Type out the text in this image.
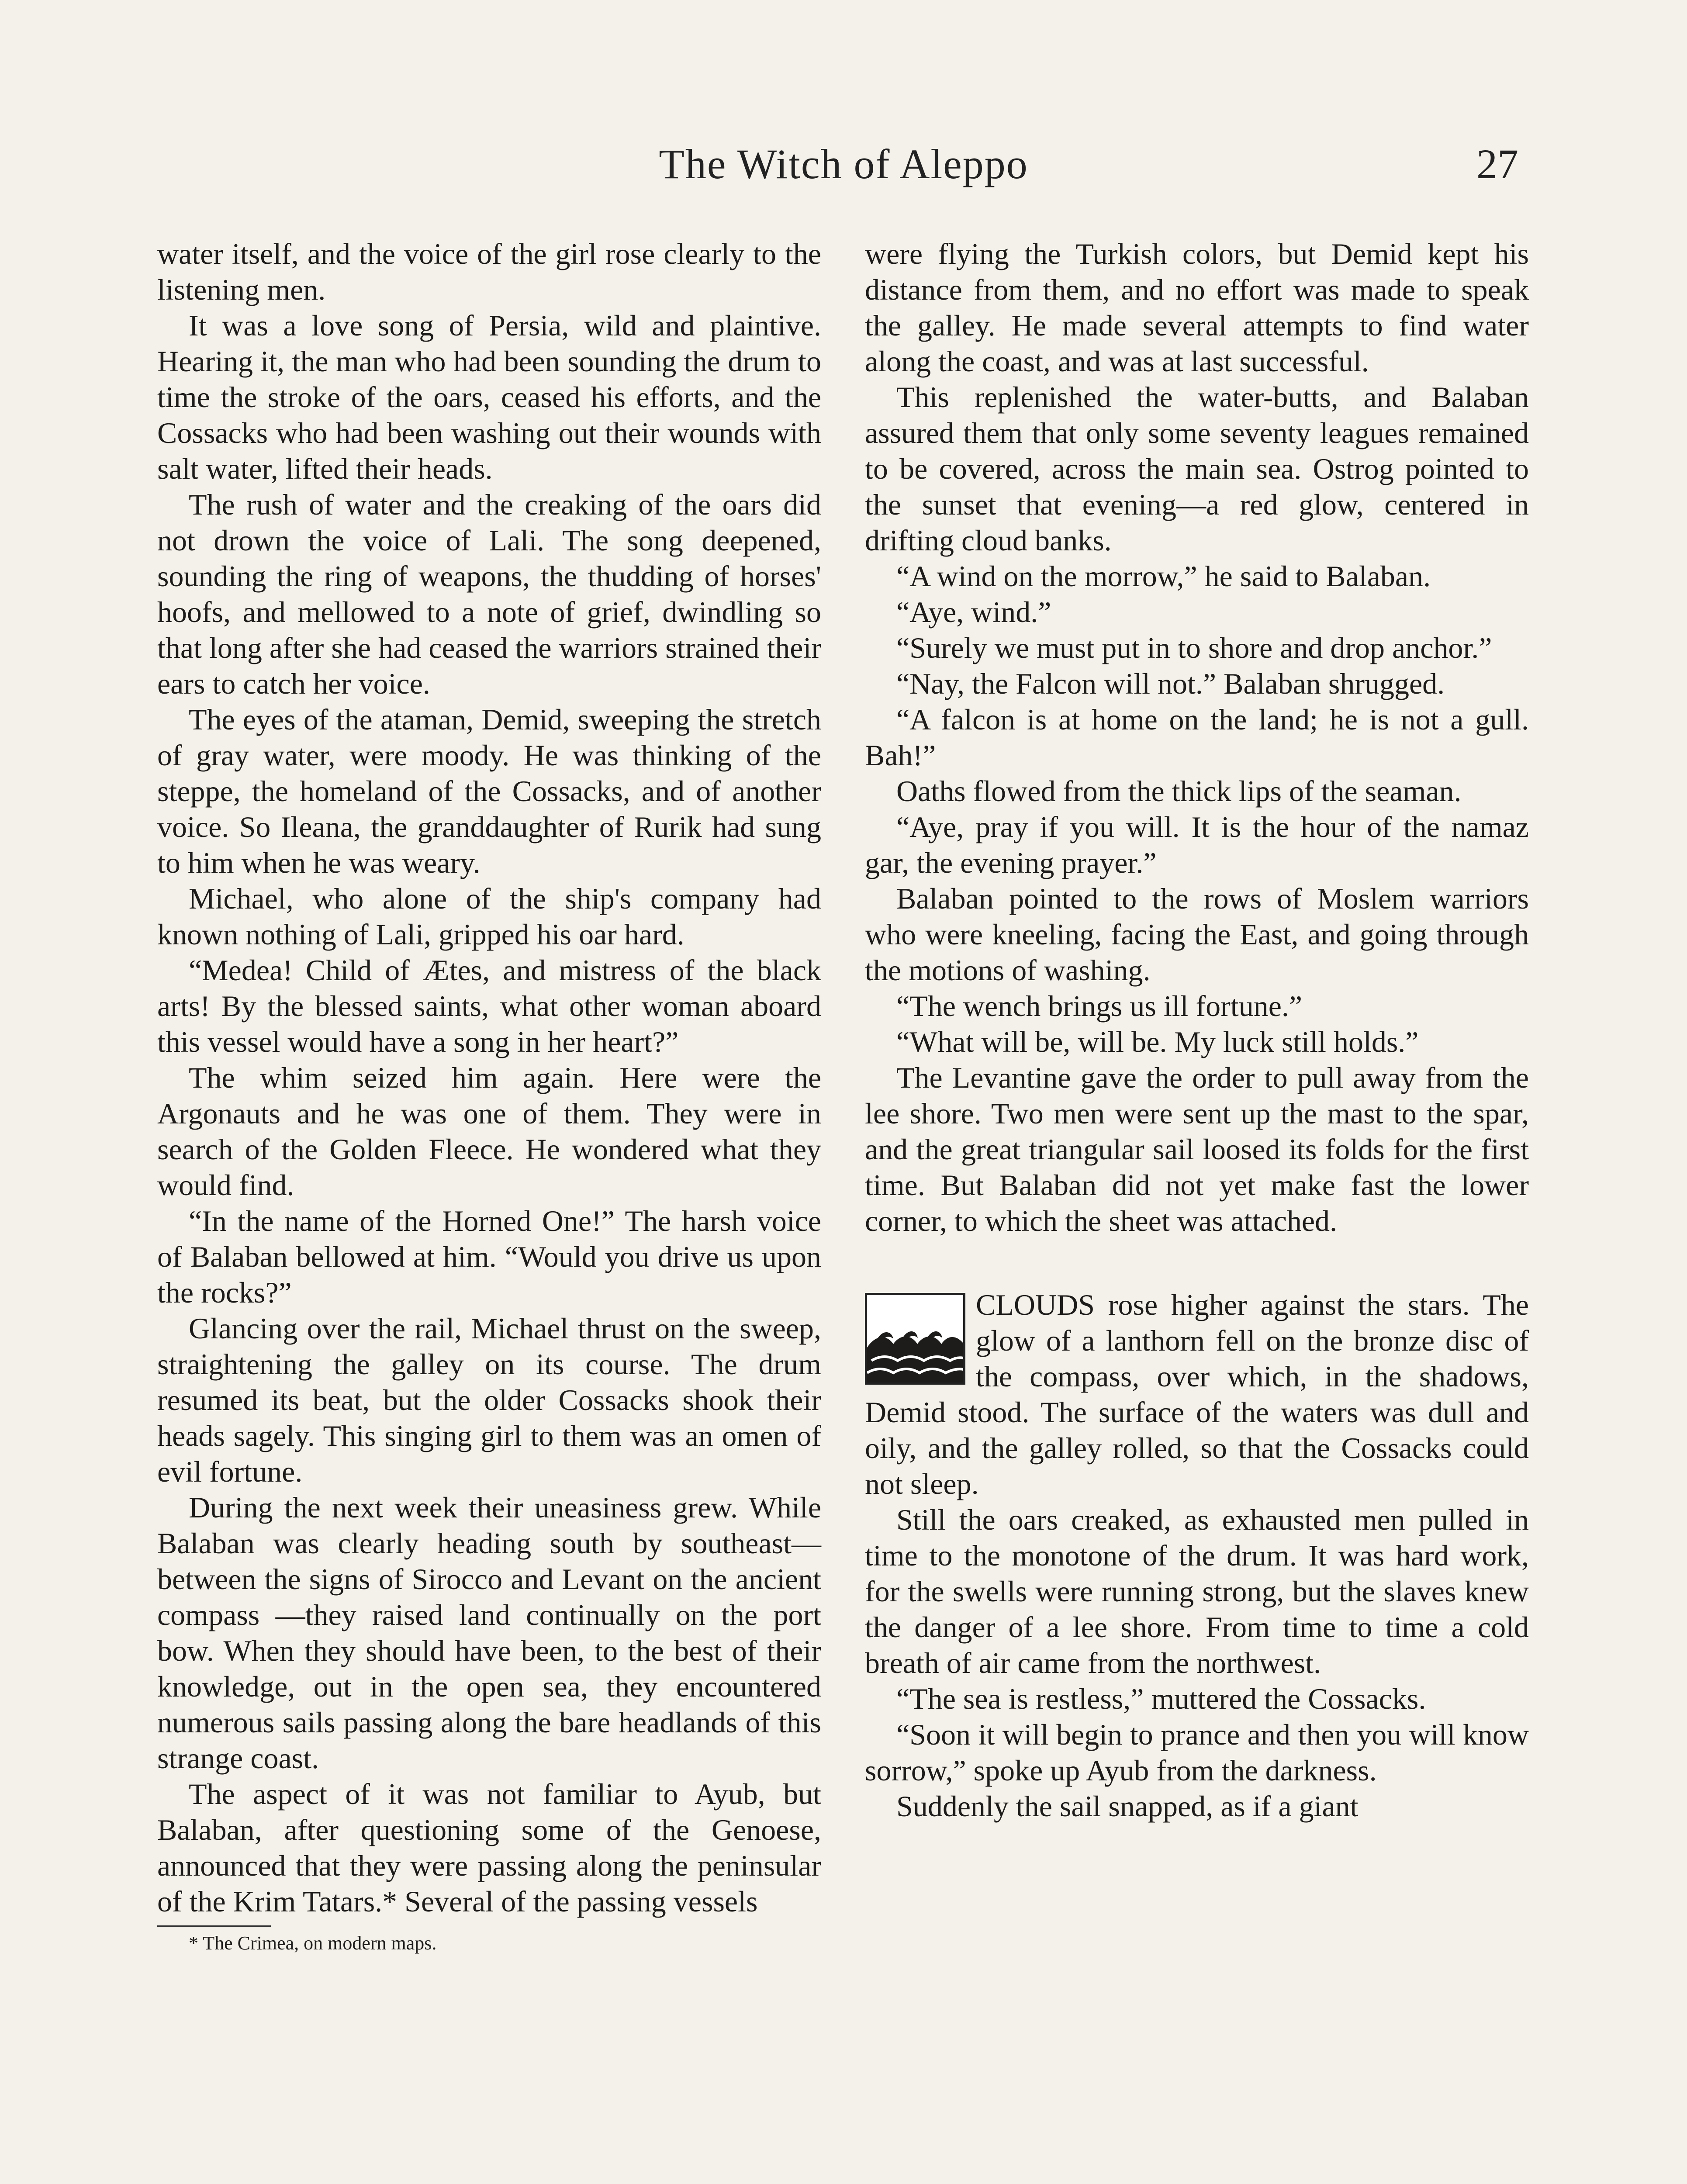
The Witch of Aleppo	27

water itself, and the voice of the girl rose clearly to the listening men.

It was a love song of Persia, wild and plaintive. Hearing it, the man who had been sounding the drum to time the stroke of the oars, ceased his efforts, and the Cossacks who had been washing out their wounds with salt water, lifted their heads.

The rush of water and the creaking of the oars did not drown the voice of Lali. The song deepened, sounding the ring of weapons, the thudding of horses' hoofs, and mellowed to a note of grief, dwindling so that long after she had ceased the warriors strained their ears to catch her voice.

The eyes of the ataman, Demid, sweeping the stretch of gray water, were moody. He was thinking of the steppe, the homeland of the Cossacks, and of another voice. So Ileana, the granddaughter of Rurik had sung to him when he was weary.

Michael, who alone of the ship's company had known nothing of Lali, gripped his oar hard.

“Medea! Child of Ætes, and mistress of the black arts! By the blessed saints, what other woman aboard this vessel would have a song in her heart?”

The whim seized him again. Here were the Argonauts and he was one of them. They were in search of the Golden Fleece. He wondered what they would find.

“In the name of the Horned One!” The harsh voice of Balaban bellowed at him. “Would you drive us upon the rocks?”

Glancing over the rail, Michael thrust on the sweep, straightening the galley on its course. The drum resumed its beat, but the older Cossacks shook their heads sagely. This singing girl to them was an omen of evil fortune.

During the next week their uneasiness grew. While Balaban was clearly heading south by southeast—between the signs of Sirocco and Levant on the ancient compass —they raised land continually on the port bow. When they should have been, to the best of their knowledge, out in the open sea, they encountered numerous sails passing along the bare headlands of this strange coast.

The aspect of it was not familiar to Ayub, but Balaban, after questioning some of the Genoese, announced that they were passing along the peninsular of the Krim Tatars.* Several of the passing vessels

* The Crimea, on modern maps.

were flying the Turkish colors, but Demid kept his distance from them, and no effort was made to speak the galley. He made several attempts to find water along the coast, and was at last successful.

This replenished the water-butts, and Balaban assured them that only some seventy leagues remained to be covered, across the main sea. Ostrog pointed to the sunset that evening—a red glow, centered in drifting cloud banks.

“A wind on the morrow,” he said to Balaban.

“Aye, wind.”

“Surely we must put in to shore and drop anchor.”

“Nay, the Falcon will not.” Balaban shrugged.

“A falcon is at home on the land; he is not a gull. Bah!”

Oaths flowed from the thick lips of the seaman.

“Aye, pray if you will. It is the hour of the namaz gar, the evening prayer.”

Balaban pointed to the rows of Moslem warriors who were kneeling, facing the East, and going through the motions of washing.

“The wench brings us ill fortune.”

“What will be, will be. My luck still holds.”

The Levantine gave the order to pull away from the lee shore. Two men were sent up the mast to the spar, and the great triangular sail loosed its folds for the first time. But Balaban did not yet make fast the lower corner, to which the sheet was attached.

CLOUDS rose higher against the stars. The glow of a lanthorn fell on the bronze disc of the compass, over which, in the shadows, Demid stood. The surface of the waters was dull and oily, and the galley rolled, so that the Cossacks could not sleep.

Still the oars creaked, as exhausted men pulled in time to the monotone of the drum. It was hard work, for the swells were running strong, but the slaves knew the danger of a lee shore. From time to time a cold breath of air came from the northwest.

“The sea is restless,” muttered the Cossacks.

“Soon it will begin to prance and then you will know sorrow,” spoke up Ayub from the darkness.

Suddenly the sail snapped, as if a giant
